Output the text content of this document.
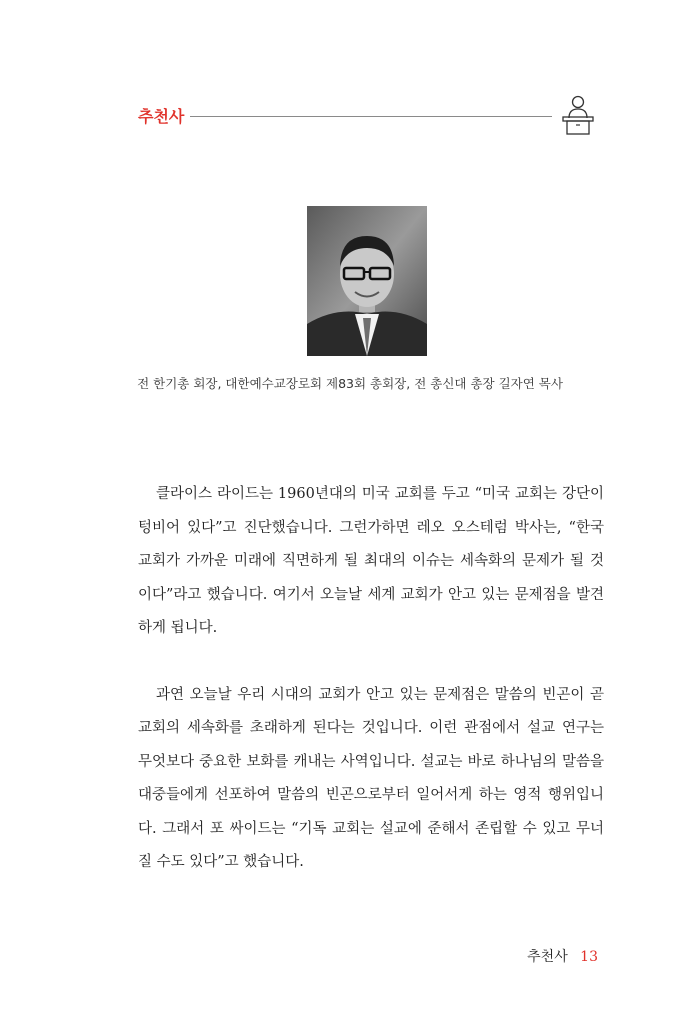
추천사
전 한기총 회장, 대한예수교장로회 제83회 총회장, 전 총신대 총장 길자연 목사

클라이스 라이드는 1960년대의 미국 교회를 두고 “미국 교회는 강단이 텅비어 있다”고 진단했습니다. 그런가하면 레오 오스테럼 박사는, “한국 교회가 가까운 미래에 직면하게 될 최대의 이슈는 세속화의 문제가 될 것이다”라고 했습니다. 여기서 오늘날 세계 교회가 안고 있는 문제점을 발견하게 됩니다.

과연 오늘날 우리 시대의 교회가 안고 있는 문제점은 말씀의 빈곤이 곧 교회의 세속화를 초래하게 된다는 것입니다. 이런 관점에서 설교 연구는 무엇보다 중요한 보화를 캐내는 사역입니다. 설교는 바로 하나님의 말씀을 대중들에게 선포하여 말씀의 빈곤으로부터 일어서게 하는 영적 행위입니다. 그래서 포 싸이드는 “기독 교회는 설교에 준해서 존립할 수 있고 무너질 수도 있다”고 했습니다.

추천사 13
